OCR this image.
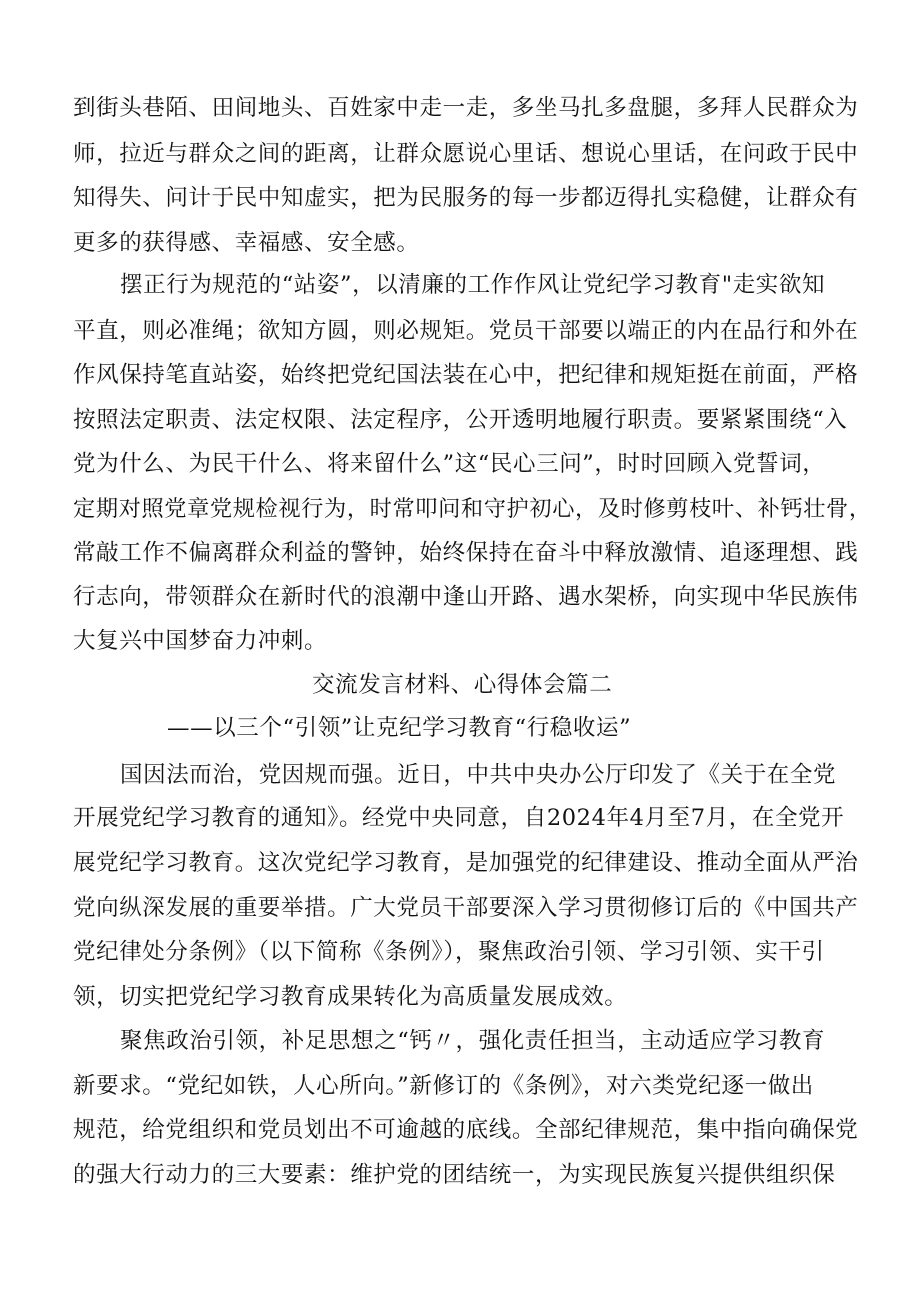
到街头巷陌、田间地头、百姓家中走一走，多坐马扎多盘腿，多拜人民群众为
师，拉近与群众之间的距离，让群众愿说心里话、想说心里话，在问政于民中
知得失、问计于民中知虚实，把为民服务的每一步都迈得扎实稳健，让群众有
更多的获得感、幸福感、安全感。
摆正行为规范的“站姿”，以清廉的工作作风让党纪学习教育"走实欲知
平直，则必准绳；欲知方圆，则必规矩。党员干部要以端正的内在品行和外在
作风保持笔直站姿，始终把党纪国法装在心中，把纪律和规矩挺在前面，严格
按照法定职责、法定权限、法定程序，公开透明地履行职责。要紧紧围绕“入
党为什么、为民干什么、将来留什么”这“民心三问”，时时回顾入党誓词，
定期对照党章党规检视行为，时常叩问和守护初心，及时修剪枝叶、补钙壮骨，
常敲工作不偏离群众利益的警钟，始终保持在奋斗中释放激情、追逐理想、践
行志向，带领群众在新时代的浪潮中逢山开路、遇水架桥，向实现中华民族伟
大复兴中国梦奋力冲刺。
交流发言材料、心得体会篇二
——以三个“引领”让克纪学习教育“行稳收运”
国因法而治，党因规而强。近日，中共中央办公厅印发了《关于在全党
开展党纪学习教育的通知》。经党中央同意，自2024年4月至7月，在全党开
展党纪学习教育。这次党纪学习教育，是加强党的纪律建设、推动全面从严治
党向纵深发展的重要举措。广大党员干部要深入学习贯彻修订后的《中国共产
党纪律处分条例》（以下简称《条例》），聚焦政治引领、学习引领、实干引
领，切实把党纪学习教育成果转化为高质量发展成效。
聚焦政治引领，补足思想之“钙〃，强化责任担当，主动适应学习教育
新要求。“党纪如铁，人心所向。”新修订的《条例》，对六类党纪逐一做出
规范，给党组织和党员划出不可逾越的底线。全部纪律规范，集中指向确保党
的强大行动力的三大要素：维护党的团结统一，为实现民族复兴提供组织保
